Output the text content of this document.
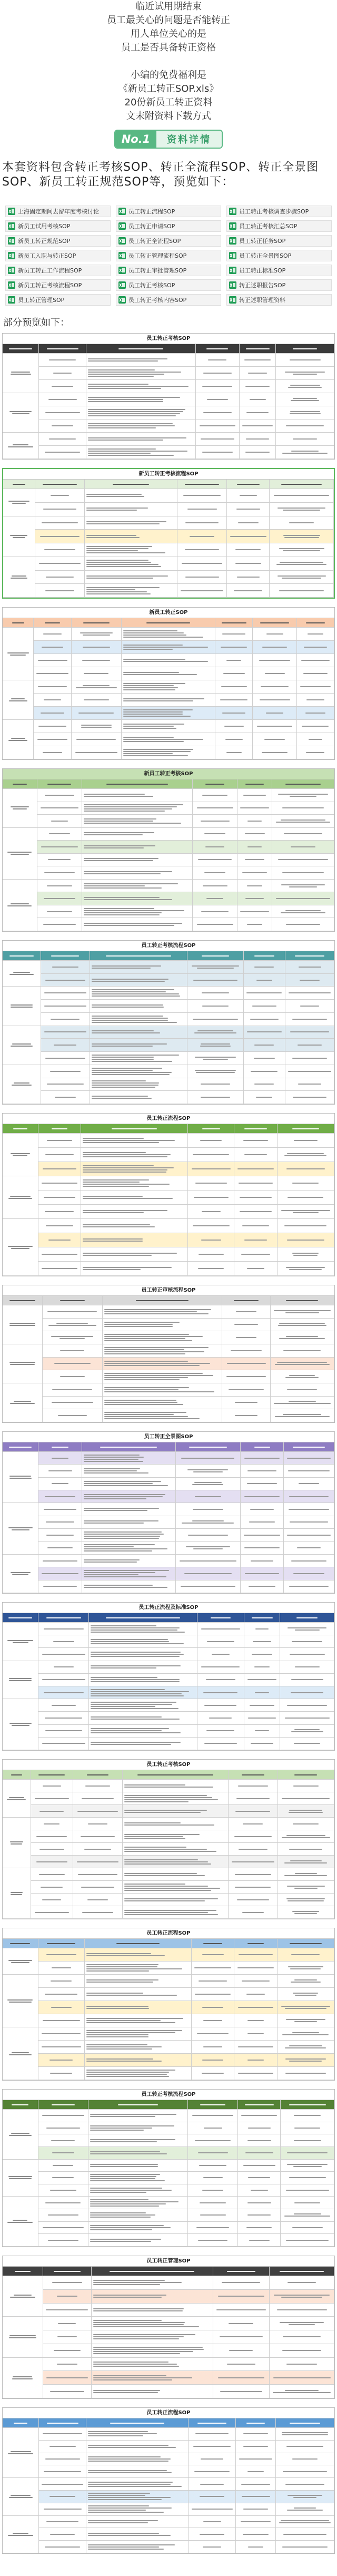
临近试用期结束
员工最关心的问题是否能转正
用人单位关心的是
员工是否具备转正资格
小编的免费福利是
《新员工转正SOP.xls》
20份新员工转正资料
文末附资料下载方式
No.1	资料详情
本套资料包含转正考核SOP、转正全流程SOP、转正全景图SOP、新员工转正规范SOP等，预览如下：
上海固定期间去留年度考核讨论	员工转正流程SOP	员工转正考核调查步骤SOP
新员工试用考核SOP	员工转正申请SOP	员工转正考核汇总SOP
新员工转正规范SOP	员工转正全流程SOP	员工转正任务SOP
新员工入职与转正SOP	员工转正管理流程SOP	员工转正全景图SOP
新员工转正工作流程SOP	员工转正审批管理SOP	员工转正标准SOP
新员工转正考核流程SOP	员工转正考核SOP	转正述职报告SOP
员工转正管理SOP	员工转正考核内容SOP	转正述职管理资料
部分预览如下：
员工转正考核SOP
新员工转正考核流程SOP
新员工转正SOP
新员工转正考核SOP
员工转正考核流程SOP
员工转正流程SOP
员工转正审核流程SOP
员工转正全景图SOP
员工转正流程及标准SOP
员工转正考核SOP
员工转正流程SOP
员工转正考核流程SOP
员工转正管理SOP
员工转正流程SOP
